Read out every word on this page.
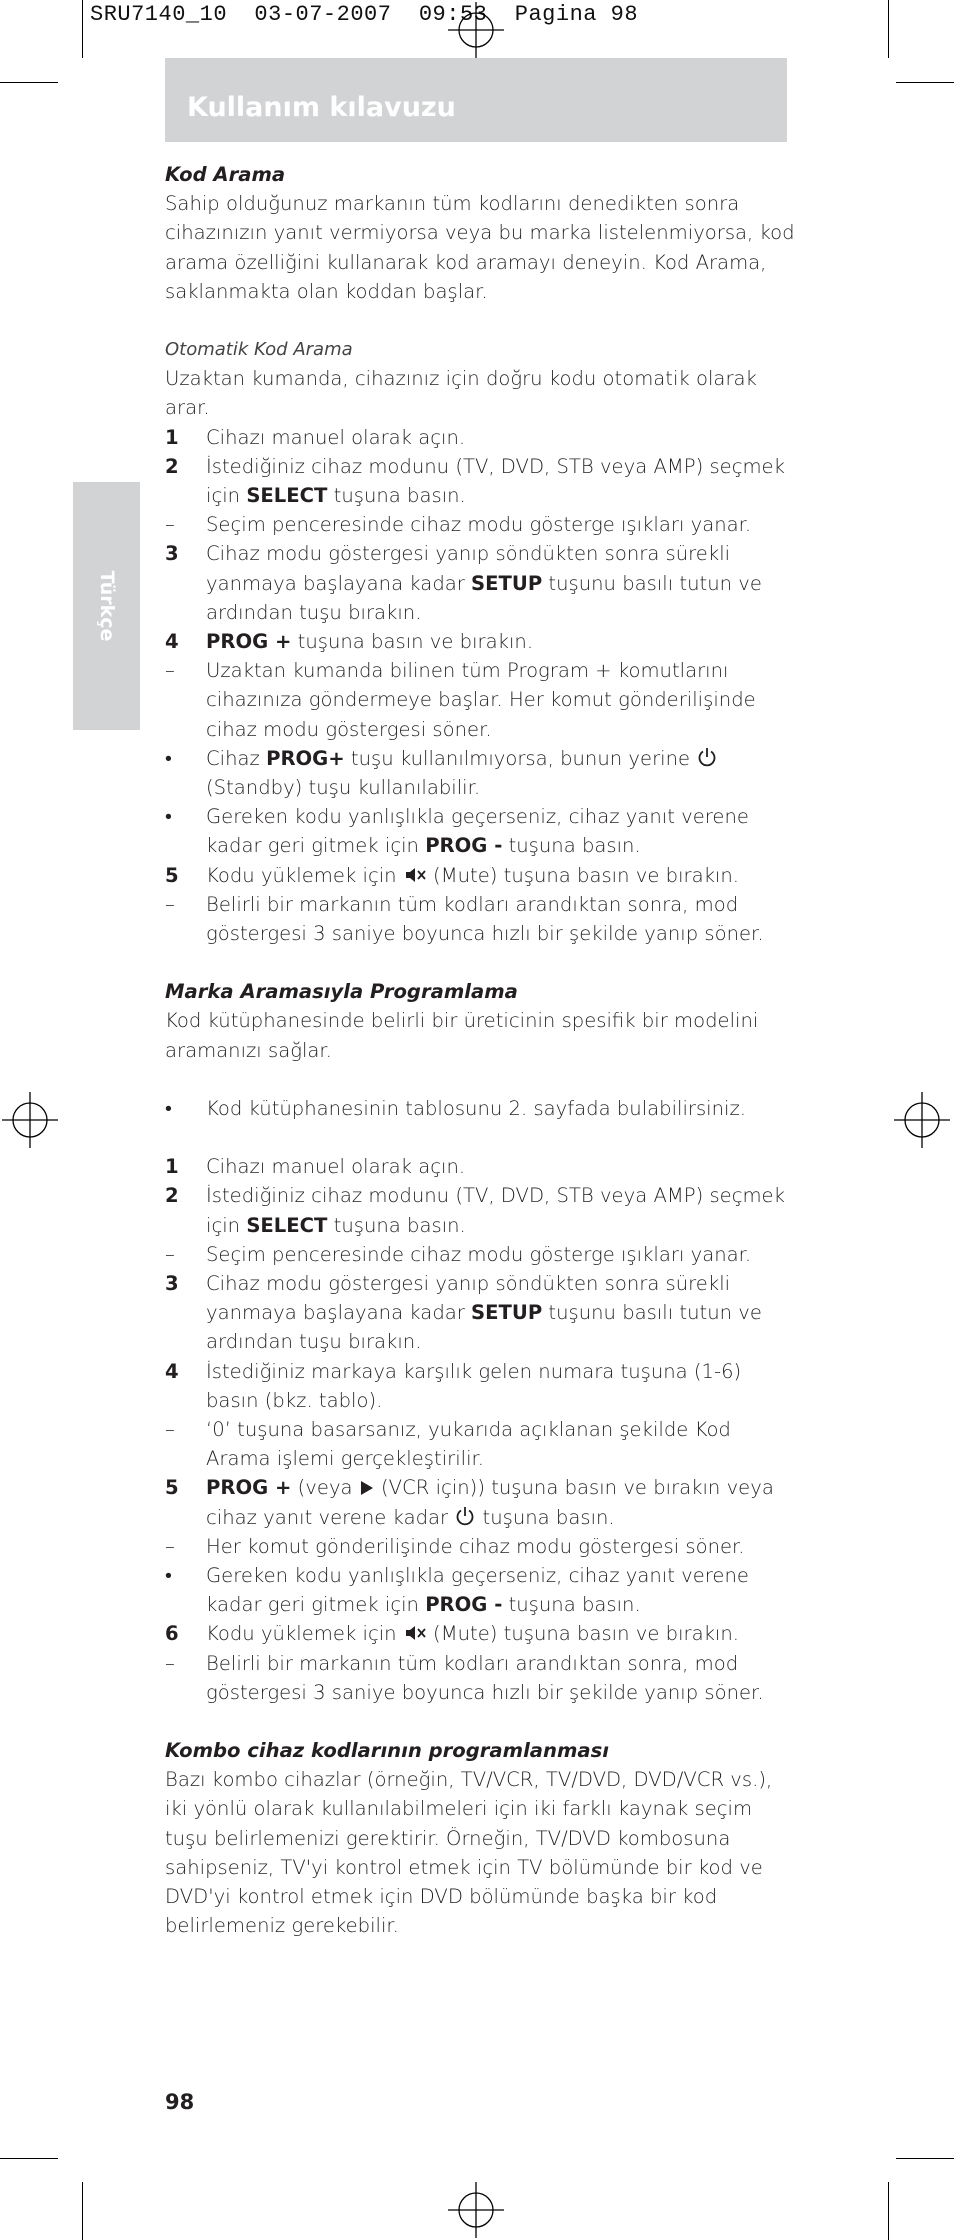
SRU7140_10  03-07-2007  09:53  Pagina 98
Kullanım kılavuzu
Türkçe

Kod Arama

Sahip olduğunuz markanın tüm kodlarını denedikten sonra cihazınızın yanıt vermiyorsa veya bu marka listelenmiyorsa, kod arama özelliğini kullanarak kod aramayı deneyin. Kod Arama, saklanmakta olan koddan başlar.

Otomatik Kod Arama

Uzaktan kumanda, cihazınız için doğru kodu otomatik olarak arar.

1	Cihazı manuel olarak açın.
2	İstediğiniz cihaz modunu (TV, DVD, STB veya AMP) seçmek için SELECT tuşuna basın.
–	Seçim penceresinde cihaz modu gösterge ışıkları yanar.
3	Cihaz modu göstergesi yanıp söndükten sonra sürekli yanmaya başlayana kadar SETUP tuşunu basılı tutun ve ardından tuşu bırakın.
4	PROG + tuşuna basın ve bırakın.
–	Uzaktan kumanda bilinen tüm Program + komutlarını cihazınıza göndermeye başlar. Her komut gönderilişinde cihaz modu göstergesi söner.
•	Cihaz PROG+ tuşu kullanılmıyorsa, bunun yerine  (Standby) tuşu kullanılabilir.
•	Gereken kodu yanlışlıkla geçerseniz, cihaz yanıt verene kadar geri gitmek için PROG - tuşuna basın.
5	Kodu yüklemek için  (Mute) tuşuna basın ve bırakın.
–	Belirli bir markanın tüm kodları arandıktan sonra, mod göstergesi 3 saniye boyunca hızlı bir şekilde yanıp söner.

Marka Aramasıyla Programlama

Kod kütüphanesinde belirli bir üreticinin spesifik bir modelini aramanızı sağlar.

•	Kod kütüphanesinin tablosunu 2. sayfada bulabilirsiniz.
1	Cihazı manuel olarak açın.
2	İstediğiniz cihaz modunu (TV, DVD, STB veya AMP) seçmek için SELECT tuşuna basın.
–	Seçim penceresinde cihaz modu gösterge ışıkları yanar.
3	Cihaz modu göstergesi yanıp söndükten sonra sürekli yanmaya başlayana kadar SETUP tuşunu basılı tutun ve ardından tuşu bırakın.
4	İstediğiniz markaya karşılık gelen numara tuşuna (1-6) basın (bkz. tablo).
–	‘0’ tuşuna basarsanız, yukarıda açıklanan şekilde Kod Arama işlemi gerçekleştirilir.
5	PROG + (veya  (VCR için)) tuşuna basın ve bırakın veya cihaz yanıt verene kadar  tuşuna basın.
–	Her komut gönderilişinde cihaz modu göstergesi söner.
•	Gereken kodu yanlışlıkla geçerseniz, cihaz yanıt verene kadar geri gitmek için PROG - tuşuna basın.
6	Kodu yüklemek için  (Mute) tuşuna basın ve bırakın.
–	Belirli bir markanın tüm kodları arandıktan sonra, mod göstergesi 3 saniye boyunca hızlı bir şekilde yanıp söner.

Kombo cihaz kodlarının programlanması

Bazı kombo cihazlar (örneğin, TV/VCR, TV/DVD, DVD/VCR vs.), iki yönlü olarak kullanılabilmeleri için iki farklı kaynak seçim tuşu belirlemenizi gerektirir. Örneğin, TV/DVD kombosuna sahipseniz, TV'yi kontrol etmek için TV bölümünde bir kod ve DVD'yi kontrol etmek için DVD bölümünde başka bir kod belirlemeniz gerekebilir.

98
